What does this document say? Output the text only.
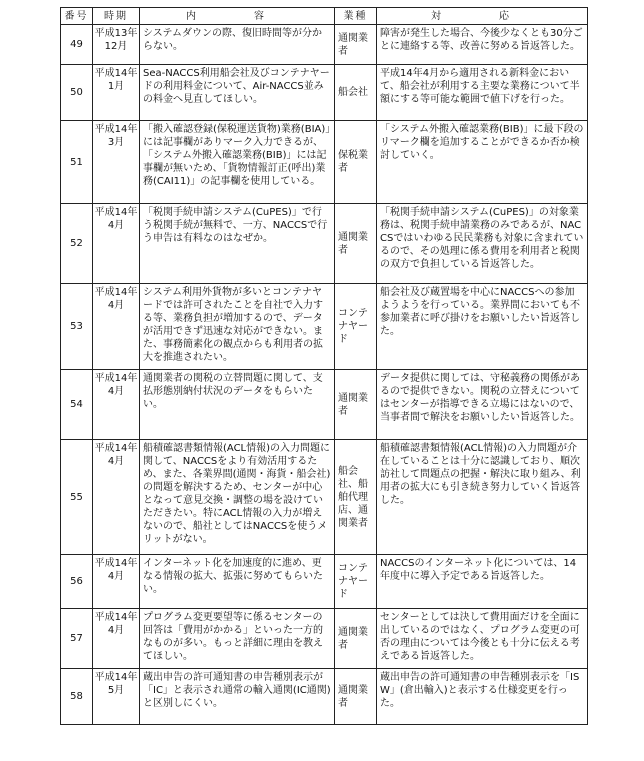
番号	時期	内　容	業種	対　応
49	平成13年 12月	システムダウンの際、復旧時間等が分からない。	通関業者	障害が発生した場合、今後少なくとも30分ごとに連絡する等、改善に努める旨返答した。
50	平成14年 1月	Sea-NACCS利用船会社及びコンテナヤードの利用料金について、Air-NACCS並みの料金へ見直してほしい。	船会社	平成14年4月から適用される新料金において、船会社が利用する主要な業務について半額にする等可能な範囲で値下げを行った。
51	平成14年 3月	「搬入確認登録(保税運送貨物)業務(BIA)」には記事欄がありマーク入力できるが、「システム外搬入確認業務(BIB)」には記事欄が無いため、「貨物情報訂正(呼出)業務(CAI11)」の記事欄を使用している。	保税業者	「システム外搬入確認業務(BIB)」に最下段のリマーク欄を追加することができるか否か検討していく。
52	平成14年 4月	「税関手続申請システム(CuPES)」で行う税関手続が無料で、一方、NACCSで行う申告は有料なのはなぜか。	通関業者	「税関手続申請システム(CuPES)」の対象業務は、税関手続申請業務のみであるが、NACCSではいわゆる民民業務も対象に含まれているので、その処理に係る費用を利用者と税関の双方で負担している旨返答した。
53	平成14年 4月	システム利用外貨物が多いとコンテナヤードでは許可されたことを自社で入力する等、業務負担が増加するので、データが活用できず迅速な対応ができない。また、事務簡素化の観点からも利用者の拡大を推進されたい。	コンテナヤード	船会社及び蔵置場を中心にNACCSへの参加ようようを行っている。業界間においても不参加業者に呼び掛けをお願いしたい旨返答した。
54	平成14年 4月	通関業者の関税の立替問題に関して、支払形態別納付状況のデータをもらいたい。	通関業者	データ提供に関しては、守秘義務の関係があるので提供できない。関税の立替えについてはセンターが指導できる立場にはないので、当事者間で解決をお願いしたい旨返答した。
55	平成14年 4月	船積確認書類情報(ACL情報)の入力問題に関して、NACCSをより有効活用するため、また、各業界間(通関・海貨・船会社)の問題を解決するため、センターが中心となって意見交換・調整の場を設けていただきたい。特にACL情報の入力が増えないので、船社としてはNACCSを使うメリットがない。	船会社、船舶代理店、通関業者	船積確認書類情報(ACL情報)の入力問題が介在していることは十分に認識しており、順次訪社して問題点の把握・解決に取り組み、利用者の拡大にも引き続き努力していく旨返答した。
56	平成14年 4月	インターネット化を加速度的に進め、更なる情報の拡大、拡張に努めてもらいたい。	コンテナヤード	NACCSのインターネット化については、14年度中に導入予定である旨返答した。
57	平成14年 4月	プログラム変更要望等に係るセンターの回答は「費用がかかる」といった一方的なものが多い。もっと詳細に理由を教えてほしい。	通関業者	センターとしては決して費用面だけを全面に出しているのではなく、プログラム変更の可否の理由については今後とも十分に伝える考えである旨返答した。
58	平成14年 5月	蔵出申告の許可通知書の申告種別表示が「IC」と表示され通常の輸入通関(IC通関)と区別しにくい。	通関業者	蔵出申告の許可通知書の申告種別表示を「ISW」(倉出輸入)と表示する仕様変更を行った。
